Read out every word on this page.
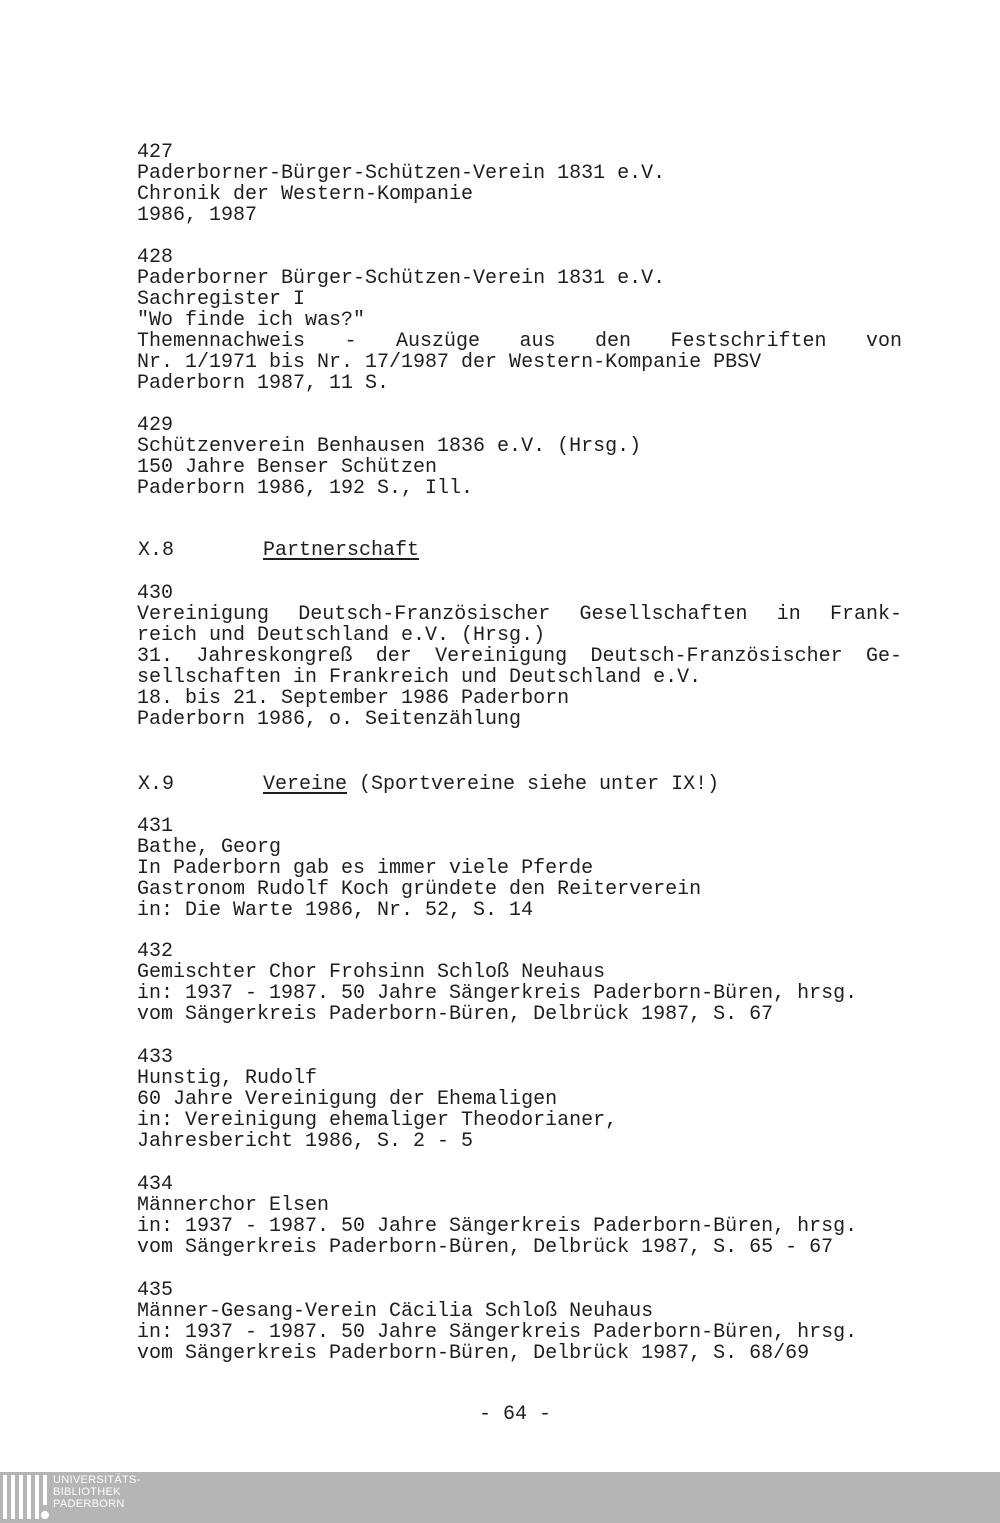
427
Paderborner-Bürger-Schützen-Verein 1831 e.V.
Chronik der Western-Kompanie
1986, 1987
428
Paderborner Bürger-Schützen-Verein 1831 e.V.
Sachregister I
"Wo finde ich was?"
Themennachweis - Auszüge aus den Festschriften von
Nr. 1/1971 bis Nr. 17/1987 der Western-Kompanie PBSV
Paderborn 1987, 11 S.
429
Schützenverein Benhausen 1836 e.V. (Hrsg.)
150 Jahre Benser Schützen
Paderborn 1986, 192 S., Ill.
X.8	Partnerschaft
430
Vereinigung Deutsch-Französischer Gesellschaften in Frank-
reich und Deutschland e.V. (Hrsg.)
31. Jahreskongreß der Vereinigung Deutsch-Französischer Ge-
sellschaften in Frankreich und Deutschland e.V.
18. bis 21. September 1986 Paderborn
Paderborn 1986, o. Seitenzählung
X.9	Vereine (Sportvereine siehe unter IX!)
431
Bathe, Georg
In Paderborn gab es immer viele Pferde
Gastronom Rudolf Koch gründete den Reiterverein
in: Die Warte 1986, Nr. 52, S. 14
432
Gemischter Chor Frohsinn Schloß Neuhaus
in: 1937 - 1987. 50 Jahre Sängerkreis Paderborn-Büren, hrsg.
vom Sängerkreis Paderborn-Büren, Delbrück 1987, S. 67
433
Hunstig, Rudolf
60 Jahre Vereinigung der Ehemaligen
in: Vereinigung ehemaliger Theodorianer,
Jahresbericht 1986, S. 2 - 5
434
Männerchor Elsen
in: 1937 - 1987. 50 Jahre Sängerkreis Paderborn-Büren, hrsg.
vom Sängerkreis Paderborn-Büren, Delbrück 1987, S. 65 - 67
435
Männer-Gesang-Verein Cäcilia Schloß Neuhaus
in: 1937 - 1987. 50 Jahre Sängerkreis Paderborn-Büren, hrsg.
vom Sängerkreis Paderborn-Büren, Delbrück 1987, S. 68/69
- 64 -
UNIVERSITÄTS-
BIBLIOTHEK
PADERBORN
